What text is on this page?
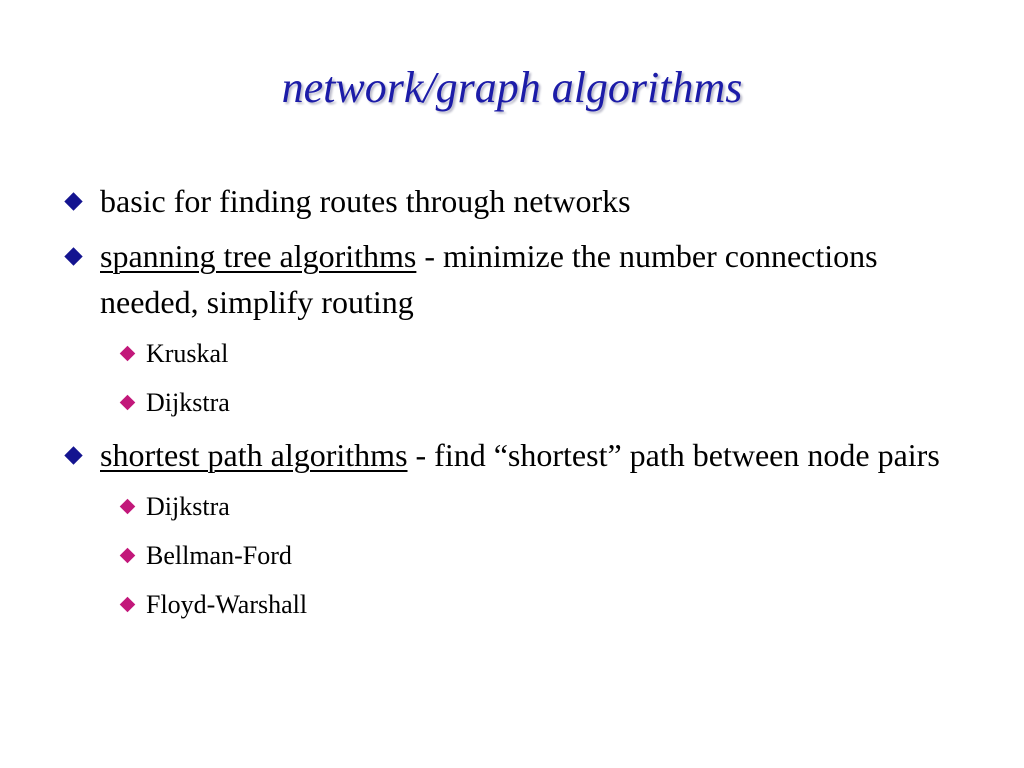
network/graph algorithms
basic for finding routes through networks
spanning tree algorithms - minimize the number connections needed, simplify routing
Kruskal
Dijkstra
shortest path algorithms - find “shortest” path between node pairs
Dijkstra
Bellman-Ford
Floyd-Warshall
